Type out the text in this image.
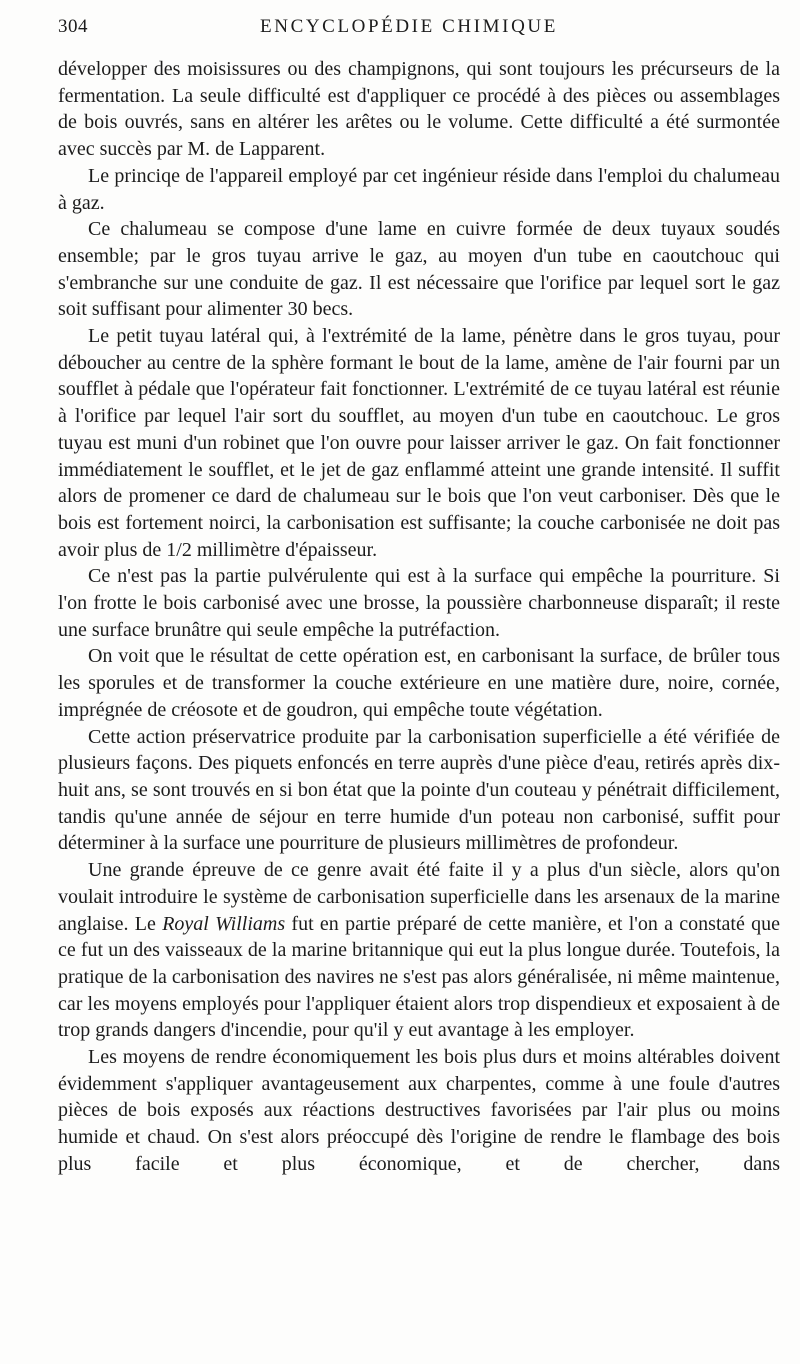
304	ENCYCLOPÉDIE CHIMIQUE

développer des moisissures ou des champignons, qui sont toujours les précurseurs de la fermentation. La seule difficulté est d'appliquer ce procédé à des pièces ou assemblages de bois ouvrés, sans en altérer les arêtes ou le volume. Cette difficulté a été surmontée avec succès par M. de Lapparent.

Le princiqe de l'appareil employé par cet ingénieur réside dans l'emploi du chalumeau à gaz.

Ce chalumeau se compose d'une lame en cuivre formée de deux tuyaux soudés ensemble; par le gros tuyau arrive le gaz, au moyen d'un tube en caoutchouc qui s'embranche sur une conduite de gaz. Il est nécessaire que l'orifice par lequel sort le gaz soit suffisant pour alimenter 30 becs.

Le petit tuyau latéral qui, à l'extrémité de la lame, pénètre dans le gros tuyau, pour déboucher au centre de la sphère formant le bout de la lame, amène de l'air fourni par un soufflet à pédale que l'opérateur fait fonctionner. L'extrémité de ce tuyau latéral est réunie à l'orifice par lequel l'air sort du soufflet, au moyen d'un tube en caoutchouc. Le gros tuyau est muni d'un robinet que l'on ouvre pour laisser arriver le gaz. On fait fonctionner immédiatement le soufflet, et le jet de gaz enflammé atteint une grande intensité. Il suffit alors de promener ce dard de chalumeau sur le bois que l'on veut carboniser. Dès que le bois est fortement noirci, la carbonisation est suffisante; la couche carbonisée ne doit pas avoir plus de 1/2 millimètre d'épaisseur.

Ce n'est pas la partie pulvérulente qui est à la surface qui empêche la pourriture. Si l'on frotte le bois carbonisé avec une brosse, la poussière charbonneuse disparaît; il reste une surface brunâtre qui seule empêche la putréfaction.

On voit que le résultat de cette opération est, en carbonisant la surface, de brûler tous les sporules et de transformer la couche extérieure en une matière dure, noire, cornée, imprégnée de créosote et de goudron, qui empêche toute végétation.

Cette action préservatrice produite par la carbonisation superficielle a été vérifiée de plusieurs façons. Des piquets enfoncés en terre auprès d'une pièce d'eau, retirés après dix-huit ans, se sont trouvés en si bon état que la pointe d'un couteau y pénétrait difficilement, tandis qu'une année de séjour en terre humide d'un poteau non carbonisé, suffit pour déterminer à la surface une pourriture de plusieurs millimètres de profondeur.

Une grande épreuve de ce genre avait été faite il y a plus d'un siècle, alors qu'on voulait introduire le système de carbonisation superficielle dans les arsenaux de la marine anglaise. Le Royal Williams fut en partie préparé de cette manière, et l'on a constaté que ce fut un des vaisseaux de la marine britannique qui eut la plus longue durée. Toutefois, la pratique de la carbonisation des navires ne s'est pas alors généralisée, ni même maintenue, car les moyens employés pour l'appliquer étaient alors trop dispendieux et exposaient à de trop grands dangers d'incendie, pour qu'il y eut avantage à les employer.

Les moyens de rendre économiquement les bois plus durs et moins altérables doivent évidemment s'appliquer avantageusement aux charpentes, comme à une foule d'autres pièces de bois exposés aux réactions destructives favorisées par l'air plus ou moins humide et chaud. On s'est alors préoccupé dès l'origine de rendre le flambage des bois plus facile et plus économique, et de chercher, dans
